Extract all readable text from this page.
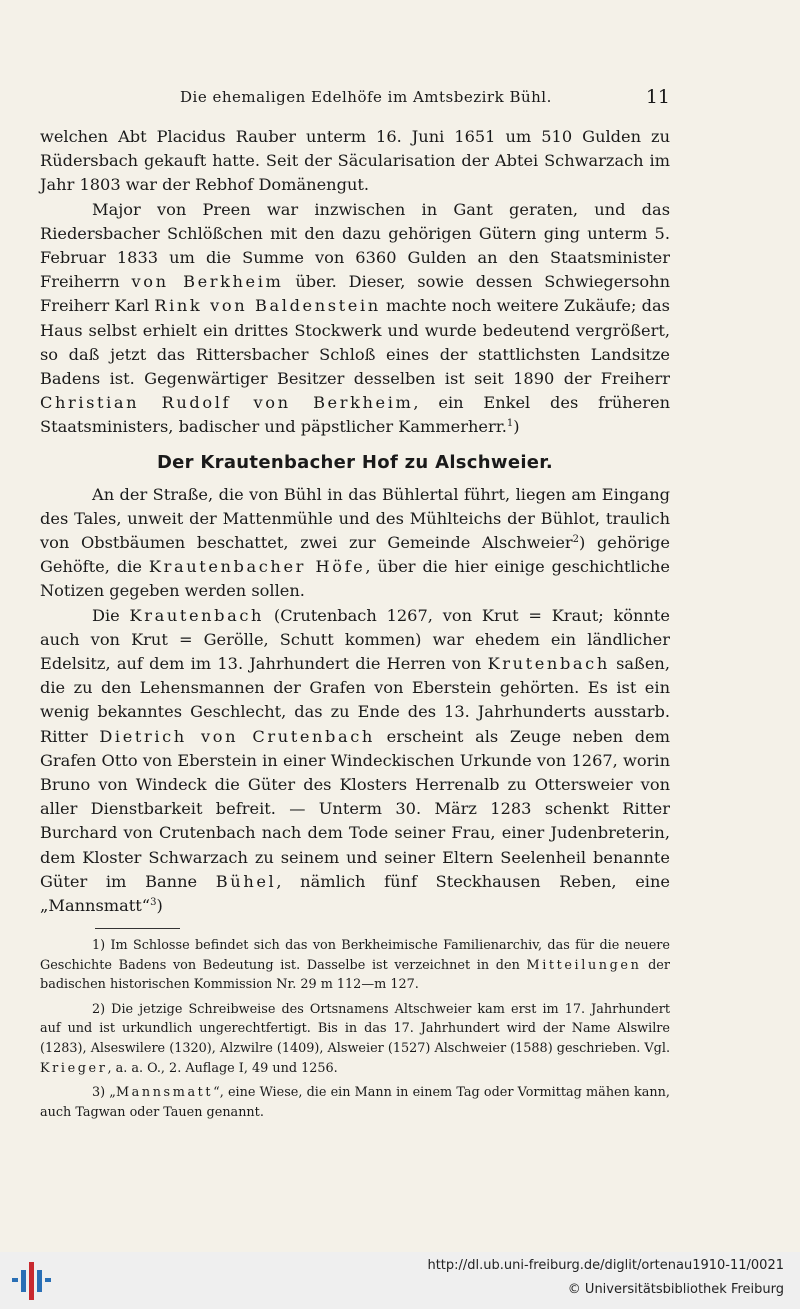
Die ehemaligen Edelhöfe im Amtsbezirk Bühl.	11

welchen Abt Placidus Rauber unterm 16. Juni 1651 um 510 Gulden zu Rüdersbach gekauft hatte. Seit der Säcularisation der Abtei Schwarzach im Jahr 1803 war der Rebhof Domänengut.

Major von Preen war inzwischen in Gant geraten, und das Riedersbacher Schlößchen mit den dazu gehörigen Gütern ging unterm 5. Februar 1833 um die Summe von 6360 Gulden an den Staatsminister Freiherrn von Berkheim über. Dieser, sowie dessen Schwiegersohn Freiherr Karl Rink von Baldenstein machte noch weitere Zukäufe; das Haus selbst erhielt ein drittes Stockwerk und wurde bedeutend vergrößert, so daß jetzt das Rittersbacher Schloß eines der stattlichsten Landsitze Badens ist. Gegenwärtiger Besitzer desselben ist seit 1890 der Freiherr Christian Rudolf von Berkheim, ein Enkel des früheren Staatsministers, badischer und päpstlicher Kammerherr.$^1$)

Der Krautenbacher Hof zu Alschweier.

An der Straße, die von Bühl in das Bühlertal führt, liegen am Eingang des Tales, unweit der Mattenmühle und des Mühlteichs der Bühlot, traulich von Obstbäumen beschattet, zwei zur Gemeinde Alschweier$^2$) gehörige Gehöfte, die Krautenbacher Höfe, über die hier einige geschichtliche Notizen gegeben werden sollen.

Die Krautenbach (Crutenbach 1267, von Krut = Kraut; könnte auch von Krut = Gerölle, Schutt kommen) war ehedem ein ländlicher Edelsitz, auf dem im 13. Jahrhundert die Herren von Krutenbach saßen, die zu den Lehensmannen der Grafen von Eberstein gehörten. Es ist ein wenig bekanntes Geschlecht, das zu Ende des 13. Jahrhunderts ausstarb. Ritter Dietrich von Crutenbach erscheint als Zeuge neben dem Grafen Otto von Eberstein in einer Windeckischen Urkunde von 1267, worin Bruno von Windeck die Güter des Klosters Herrenalb zu Ottersweier von aller Dienstbarkeit befreit. — Unterm 30. März 1283 schenkt Ritter Burchard von Crutenbach nach dem Tode seiner Frau, einer Judenbreterin, dem Kloster Schwarzach zu seinem und seiner Eltern Seelenheil benannte Güter im Banne Bühel, nämlich fünf Steckhausen Reben, eine „Mannsmatt“$^3$)

1) Im Schlosse befindet sich das von Berkheimische Familienarchiv, das für die neuere Geschichte Badens von Bedeutung ist. Dasselbe ist verzeichnet in den Mitteilungen der badischen historischen Kommission Nr. 29 m 112—m 127.

2) Die jetzige Schreibweise des Ortsnamens Altschweier kam erst im 17. Jahrhundert auf und ist urkundlich ungerechtfertigt. Bis in das 17. Jahrhundert wird der Name Alswilre (1283), Alseswilere (1320), Alzwilre (1409), Alsweier (1527) Alschweier (1588) geschrieben. Vgl. Krieger, a. a. O., 2. Auflage I, 49 und 1256.

3) „Mannsmatt“, eine Wiese, die ein Mann in einem Tag oder Vormittag mähen kann, auch Tagwan oder Tauen genannt.

http://dl.ub.uni-freiburg.de/diglit/ortenau1910-11/0021
© Universitätsbibliothek Freiburg
